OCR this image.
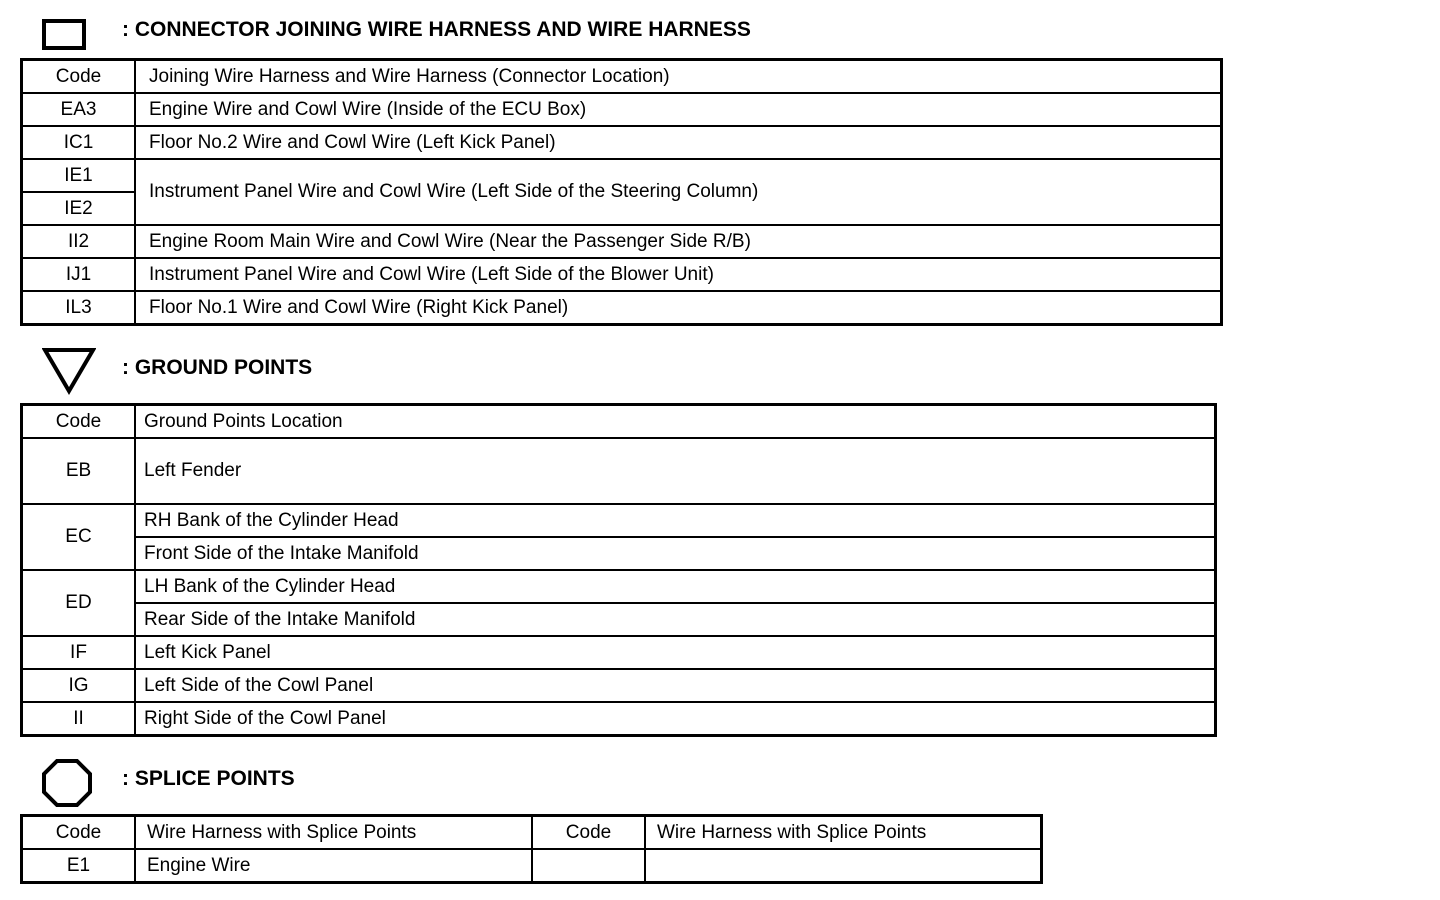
: CONNECTOR JOINING WIRE HARNESS AND WIRE HARNESS
Code	Joining Wire Harness and Wire Harness (Connector Location)
EA3	Engine Wire and Cowl Wire (Inside of the ECU Box)
IC1	Floor No.2 Wire and Cowl Wire (Left Kick Panel)
IE1	Instrument Panel Wire and Cowl Wire (Left Side of the Steering Column)
IE2	
II2	Engine Room Main Wire and Cowl Wire (Near the Passenger Side R/B)
IJ1	Instrument Panel Wire and Cowl Wire (Left Side of the Blower Unit)
IL3	Floor No.1 Wire and Cowl Wire (Right Kick Panel)
: GROUND POINTS
Code	Ground Points Location
EB	Left Fender
EC	RH Bank of the Cylinder Head
	Front Side of the Intake Manifold
ED	LH Bank of the Cylinder Head
	Rear Side of the Intake Manifold
IF	Left Kick Panel
IG	Left Side of the Cowl Panel
II	Right Side of the Cowl Panel
: SPLICE POINTS
Code	Wire Harness with Splice Points	Code	Wire Harness with Splice Points
E1	Engine Wire		
